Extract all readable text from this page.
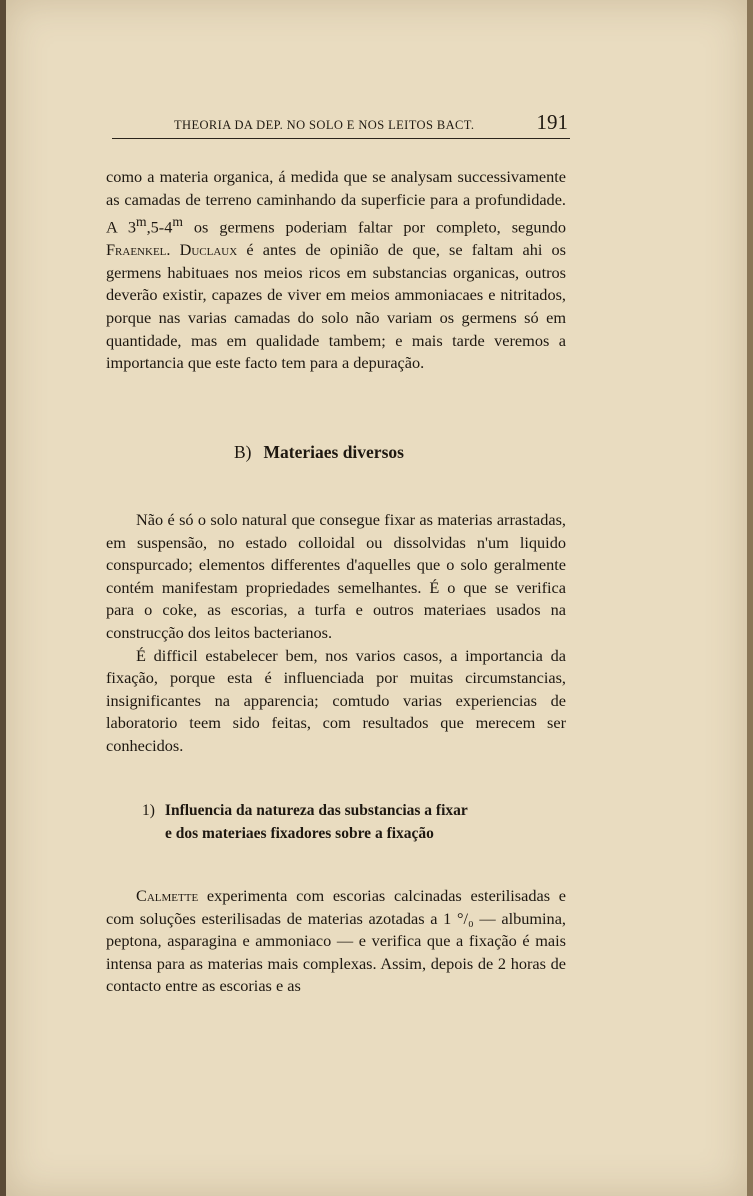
THEORIA DA DEP. NO SOLO E NOS LEITOS BACT.	191

como a materia organica, á medida que se analysam successivamente as camadas de terreno caminhando da superficie para a profundidade. A 3$^m$,5-4$^m$ os germens poderiam faltar por completo, segundo Fraenkel. Duclaux é antes de opinião de que, se faltam ahi os germens habituaes nos meios ricos em substancias organicas, outros deverão existir, capazes de viver em meios ammoniacaes e nitritados, porque nas varias camadas do solo não variam os germens só em quantidade, mas em qualidade tambem; e mais tarde veremos a importancia que este facto tem para a depuração.

B) Materiaes diversos

Não é só o solo natural que consegue fixar as materias arrastadas, em suspensão, no estado colloidal ou dissolvidas n'um liquido conspurcado; elementos differentes d'aquelles que o solo geralmente contém manifestam propriedades semelhantes. É o que se verifica para o coke, as escorias, a turfa e outros materiaes usados na construcção dos leitos bacterianos.

É difficil estabelecer bem, nos varios casos, a importancia da fixação, porque esta é influenciada por muitas circumstancias, insignificantes na apparencia; comtudo varias experiencias de laboratorio teem sido feitas, com resultados que merecem ser conhecidos.

1) Influencia da natureza das substancias a fixar
e dos materiaes fixadores sobre a fixação

Calmette experimenta com escorias calcinadas esterilisadas e com soluções esterilisadas de materias azotadas a 1 °/₀ — albumina, peptona, asparagina e ammoniaco — e verifica que a fixação é mais intensa para as materias mais complexas. Assim, depois de 2 horas de contacto entre as escorias e as
